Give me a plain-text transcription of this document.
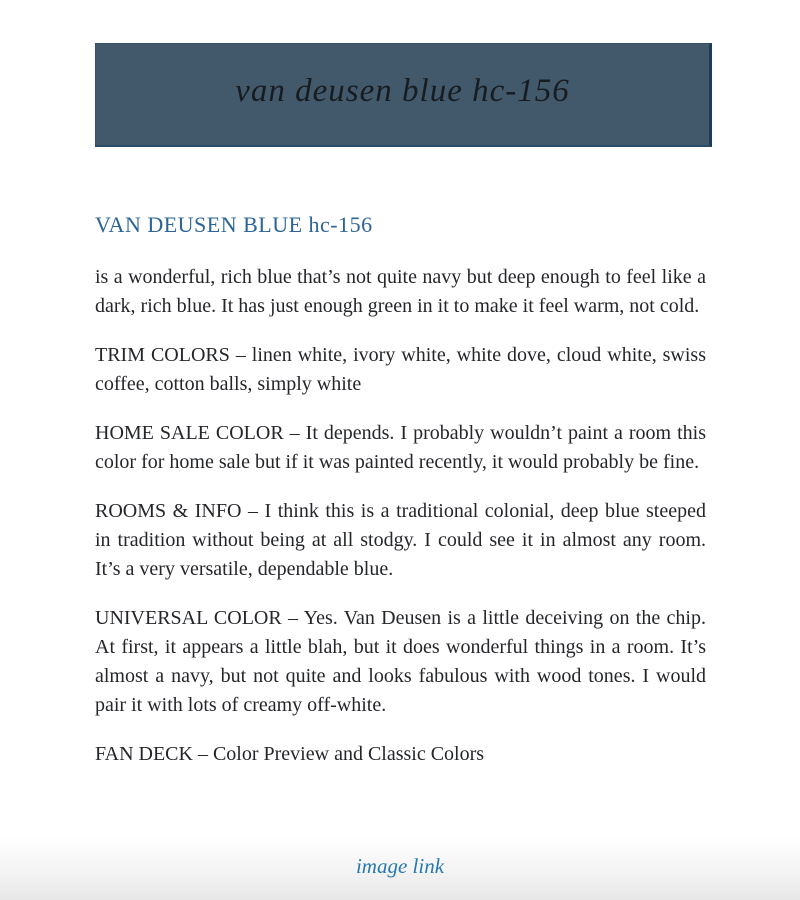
van deusen blue hc-156
VAN DEUSEN BLUE hc-156

is a wonderful, rich blue that’s not quite navy but deep enough to feel like a dark, rich blue. It has just enough green in it to make it feel warm, not cold.

TRIM COLORS – linen white, ivory white, white dove, cloud white, swiss coffee, cotton balls, simply white

HOME SALE COLOR – It depends. I probably wouldn’t paint a room this color for home sale but if it was painted recently, it would probably be fine.

ROOMS & INFO – I think this is a traditional colonial, deep blue steeped in tradition without being at all stodgy. I could see it in almost any room. It’s a very versatile, dependable blue.

UNIVERSAL COLOR – Yes. Van Deusen is a little deceiving on the chip. At first, it appears a little blah, but it does wonderful things in a room. It’s almost a navy, but not quite and looks fabulous with wood tones. I would pair it with lots of creamy off-white.

FAN DECK – Color Preview and Classic Colors

image link
